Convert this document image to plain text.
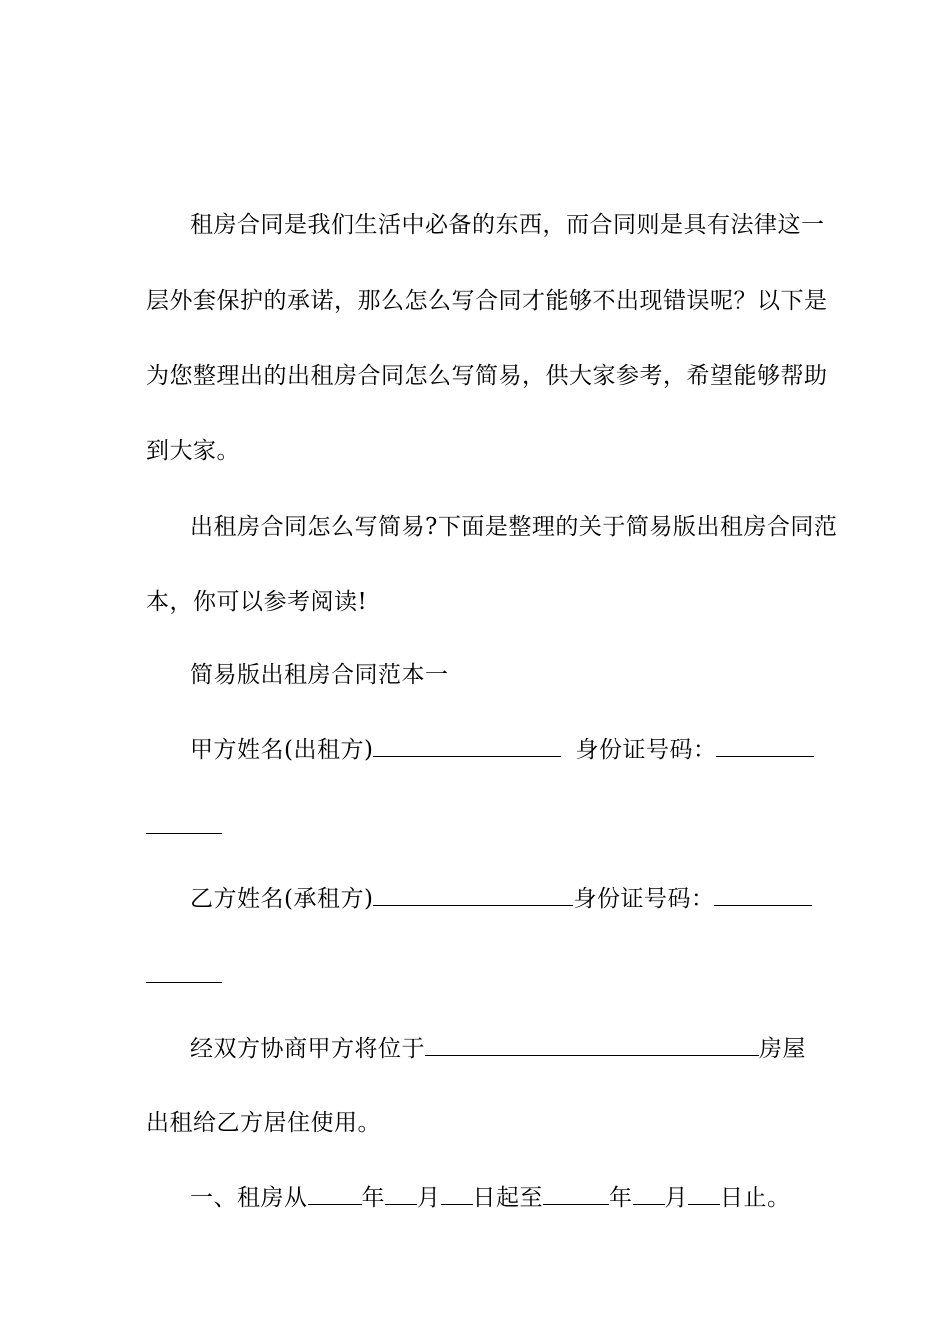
租房合同是我们生活中必备的东西，而合同则是具有法律这一
层外套保护的承诺，那么怎么写合同才能够不出现错误呢？以下是
为您整理出的出租房合同怎么写简易，供大家参考，希望能够帮助
到大家。
出租房合同怎么写简易?下面是整理的关于简易版出租房合同范
本，你可以参考阅读!
简易版出租房合同范本一
甲方姓名(出租方)	身份证号码：
乙方姓名(承租方)	身份证号码：
经双方协商甲方将位于	房屋
出租给乙方居住使用。
一、租房从 年 月 日起至	年 月 日止。
